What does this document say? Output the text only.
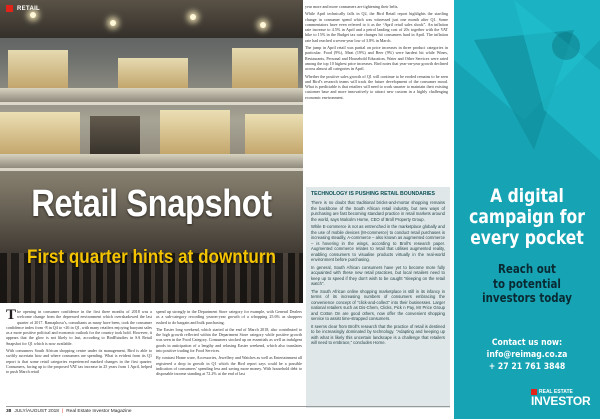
RETAIL
Retail Snapshot
First quarter hints at downturn

The opening in consumer confidence in the first three months of 2018 was a welcome change from the depressed environment which overshadowed the last quarter of 2017. Ramaphosa’s, consultants as many have been, took the consumer confidence index from -8 in Q4 to +26 in Q1, with many retailers enjoying buoyant sales as a more positive political and economic outlook for the country took hold. However, it appears that the glow is not likely to last, according to BirdEstudies in SA Retail Snapshot for Q1 which is now available.

With consumers South African shopping centre under its management, Bird is able to swiftly ascertain how and where consumers are spending. What is evident from its Q1 report is that some retail categories experienced marked changes in the first quarter. Consumers, facing up to the proposed VAT tax increase in 25 years from 1 April, helped to push March retail

spend up strongly in the Department Store category for example, with General Dealers as a sub-category recording yearon-year growth of a whopping 25.6% as shoppers rushed to do bargain and bulk purchasing.

The Easter long weekend, which started at the end of March 2018, also contributed to the high growth reflected within the Department Store category while positive growth was seen in the Food Category. Consumers stocked up on essentials as well as indulgent goods in anticipation of a lengthy and relaxing Easter weekend, which also translates into positive trading for Food Services.

By contrast Home ware, Accessories, Jewellery and Watches as well as Entertainment all registered a drop in growth in Q1 which the Bird report says could be a possible indication of consumers’ spending less and saving more money. With household debt to disposable income standing at 72.2% at the end of last

year more and more consumers are tightening their belts.

While April technically falls in Q2, the Bird Retail report highlights the startling change in consumer spend which was witnessed just one month after Q1. Some commentators have even referred to it as the “April retail sales shock”. An inflation rate increase to 4.5% in April and a petrol landing cost of 20c together with the VAT hike to 15% in the Budget tax rate changes hit consumers hard in April. The inflation rate had reached a seven-year low of 3.8% in March.

The jump in April retail was partial on price increases in three product categories in particular. Food (9%), Meat (19%) and Beer (9%) were hardest hit while Wines, Restaurants, Personal and Household Education, Water and Other Services were rated among the top 10 highest price increases. Bird notes that year-on-year growth declined across almost all categories in April.

Whether the positive sales growth of Q1 will continue to be eroded remains to be seen and Bird’s research teams will track the future development of the consumer mood. What is predictable is that retailers will need to work smarter to maintain their existing customer base and more innovatively to attract new custom in a highly challenging economic environment.

TECHNOLOGY IS PUSHING RETAIL BOUNDARIES

There is no doubt that traditional bricks-and-mortar shopping remains the backbone of the South African retail industry, but new ways of purchasing are fast becoming standard practice in retail markets around the world, says Malcolm Horne, CEO of Broll Property Group.

While E-commerce is not as entrenched in the marketplace globally and the use of mobile devices (M-commerce) to conduct retail purchases is increasing steadily, A-commerce – also known as augmented commerce – is hovering in the wings, according to Broll’s research paper. Augmented commerce relates to retail that utilises augmented reality, enabling consumers to visualise products virtually in the real-world environment before purchasing.

In general, South African consumers have yet to become more fully acquainted with these new retail practices, but local retailers need to keep up to speed if they don’t wish to be caught “sleeping on the retail watch”.

The South African online shopping marketplace is still in its infancy in terms of its increasing numbers of consumers embracing the convenience concept of “click-and-collect” into their businesses. Larger national retailers such as Dis-Chem, Clicks, Pick n Pay, Mr Price Group and Cotton On are good others, now offer the convenient shopping service to assist time-strapped consumers.

It seems clear from Broll’s research that the practice of retail is destined to be increasingly dominated by technology. “Adapting and keeping up with what is likely this uncertain landscape is a challenge that retailers will need to embrace,” concludes Horne.

A digital
campaign for
every pocket
Reach out
to potential
investors today
Contact us now:
info@reimag.co.za
+ 27 21 761 3848
REAL ESTATE
INVESTOR
38 JULY/AUGUST 2018 | Real Estate Investor Magazine
